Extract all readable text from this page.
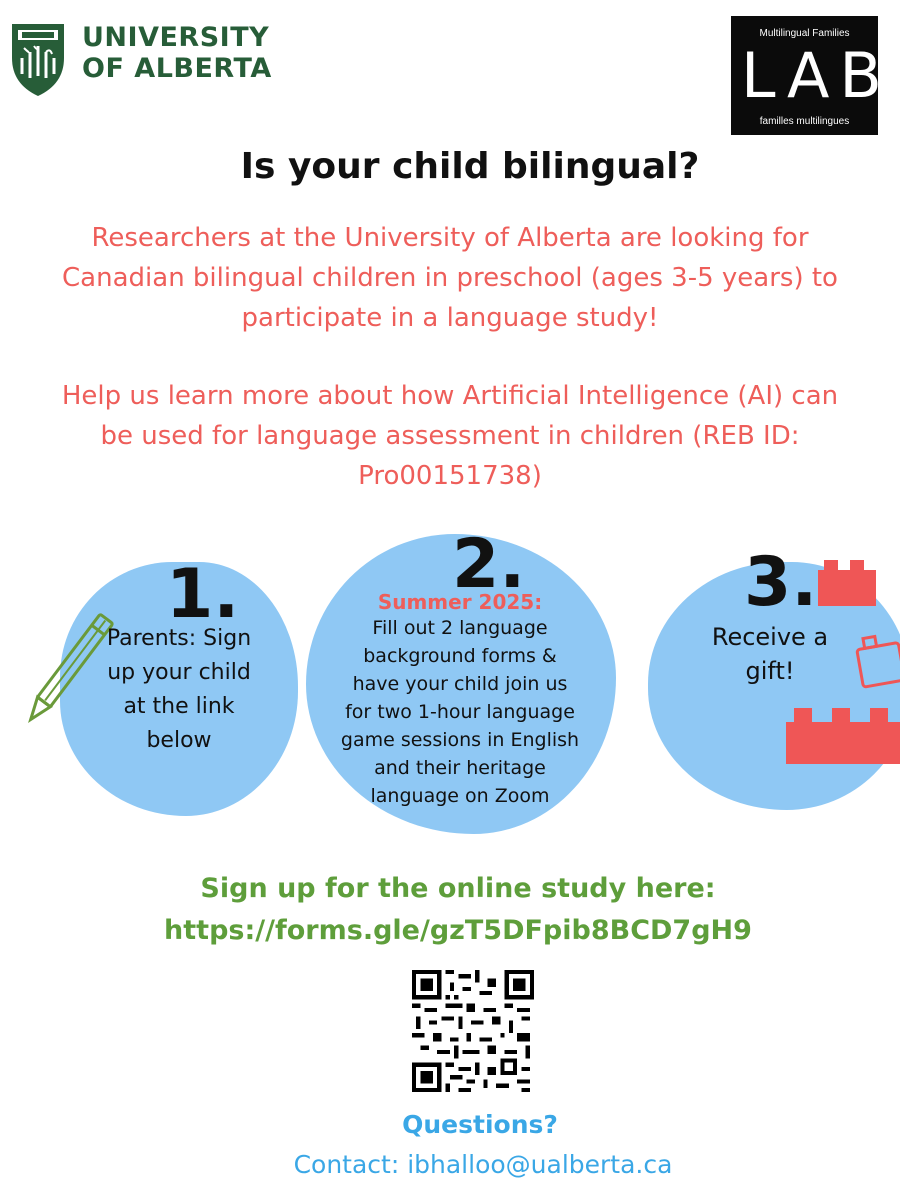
UNIVERSITY
OF ALBERTA
Multilingual Families
LAB
familles multilingues
Is your child bilingual?

Researchers at the University of Alberta are looking for Canadian bilingual children in preschool (ages 3-5 years) to participate in a language study!

Help us learn more about how Artificial Intelligence (AI) can be used for language assessment in children (REB ID: Pro00151738)

1.
Parents: Sign up your child at the link below
2.
Summer 2025:
Fill out 2 language background forms & have your child join us for two 1-hour language game sessions in English and their heritage language on Zoom
3.
Receive a gift!
Sign up for the online study here:
https://forms.gle/gzT5DFpib8BCD7gH9
Questions?
Contact: ibhalloo@ualberta.ca
